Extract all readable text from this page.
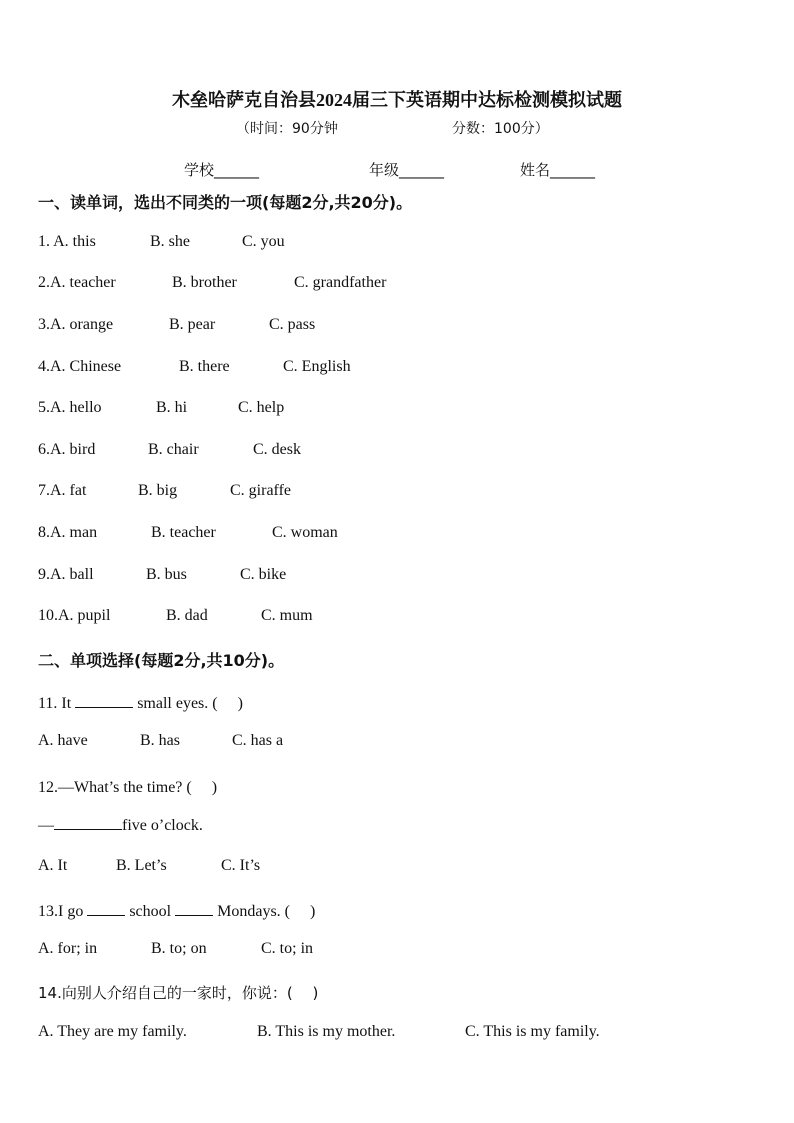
木垒哈萨克自治县2024届三下英语期中达标检测模拟试题
（时间：90分钟	分数：100分）
学校______	年级______	姓名______
一、读单词，选出不同类的一项(每题2分,共20分)。
1. A. this	B. she	C. you
2.A. teacher	B. brother	C. grandfather
3.A. orange	B. pear	C. pass
4.A. Chinese	B. there	C. English
5.A. hello	B. hi	C. help
6.A. bird	B. chair	C. desk
7.A. fat	B. big	C. giraffe
8.A. man	B. teacher	C. woman
9.A. ball	B. bus	C. bike
10.A. pupil	B. dad	C. mum
二、单项选择(每题2分,共10分)。
11. It	small eyes. (　 )
A. have	B. has	C. has a
12.—What’s the time? (　 )
—	five o’clock.
A. It	B. Let’s	C. It’s
13.I go	school	Mondays. (　 )
A. for; in	B. to; on	C. to; in
14.向别人介绍自己的一家时，你说：(　 )
A. They are my family.	B. This is my mother.	C. This is my family.
